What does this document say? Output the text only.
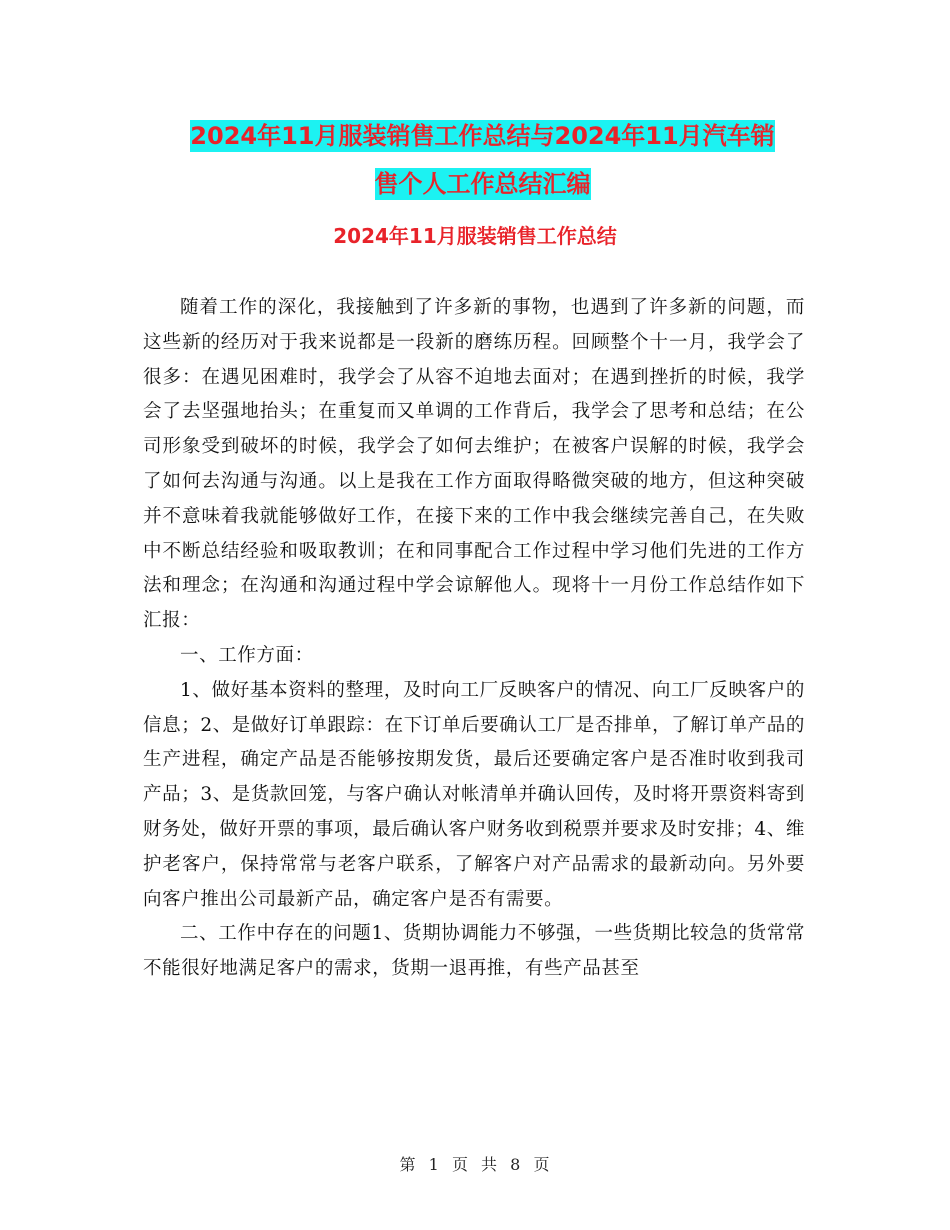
2024年11月服装销售工作总结与2024年11月汽车销
售个人工作总结汇编
2024年11月服装销售工作总结

随着工作的深化，我接触到了许多新的事物，也遇到了许多新的问题，而这些新的经历对于我来说都是一段新的磨练历程。回顾整个十一月，我学会了很多：在遇见困难时，我学会了从容不迫地去面对；在遇到挫折的时候，我学会了去坚强地抬头；在重复而又单调的工作背后，我学会了思考和总结；在公司形象受到破坏的时候，我学会了如何去维护；在被客户误解的时候，我学会了如何去沟通与沟通。以上是我在工作方面取得略微突破的地方，但这种突破并不意味着我就能够做好工作，在接下来的工作中我会继续完善自己，在失败中不断总结经验和吸取教训；在和同事配合工作过程中学习他们先进的工作方法和理念；在沟通和沟通过程中学会谅解他人。现将十一月份工作总结作如下汇报：

一、工作方面：

1、做好基本资料的整理，及时向工厂反映客户的情况、向工厂反映客户的信息；2、是做好订单跟踪：在下订单后要确认工厂是否排单，了解订单产品的生产进程，确定产品是否能够按期发货，最后还要确定客户是否准时收到我司产品；3、是货款回笼，与客户确认对帐清单并确认回传，及时将开票资料寄到财务处，做好开票的事项，最后确认客户财务收到税票并要求及时安排；4、维护老客户，保持常常与老客户联系，了解客户对产品需求的最新动向。另外要向客户推出公司最新产品，确定客户是否有需要。

二、工作中存在的问题1、货期协调能力不够强，一些货期比较急的货常常不能很好地满足客户的需求，货期一退再推，有些产品甚至

第 1 页 共 8 页
